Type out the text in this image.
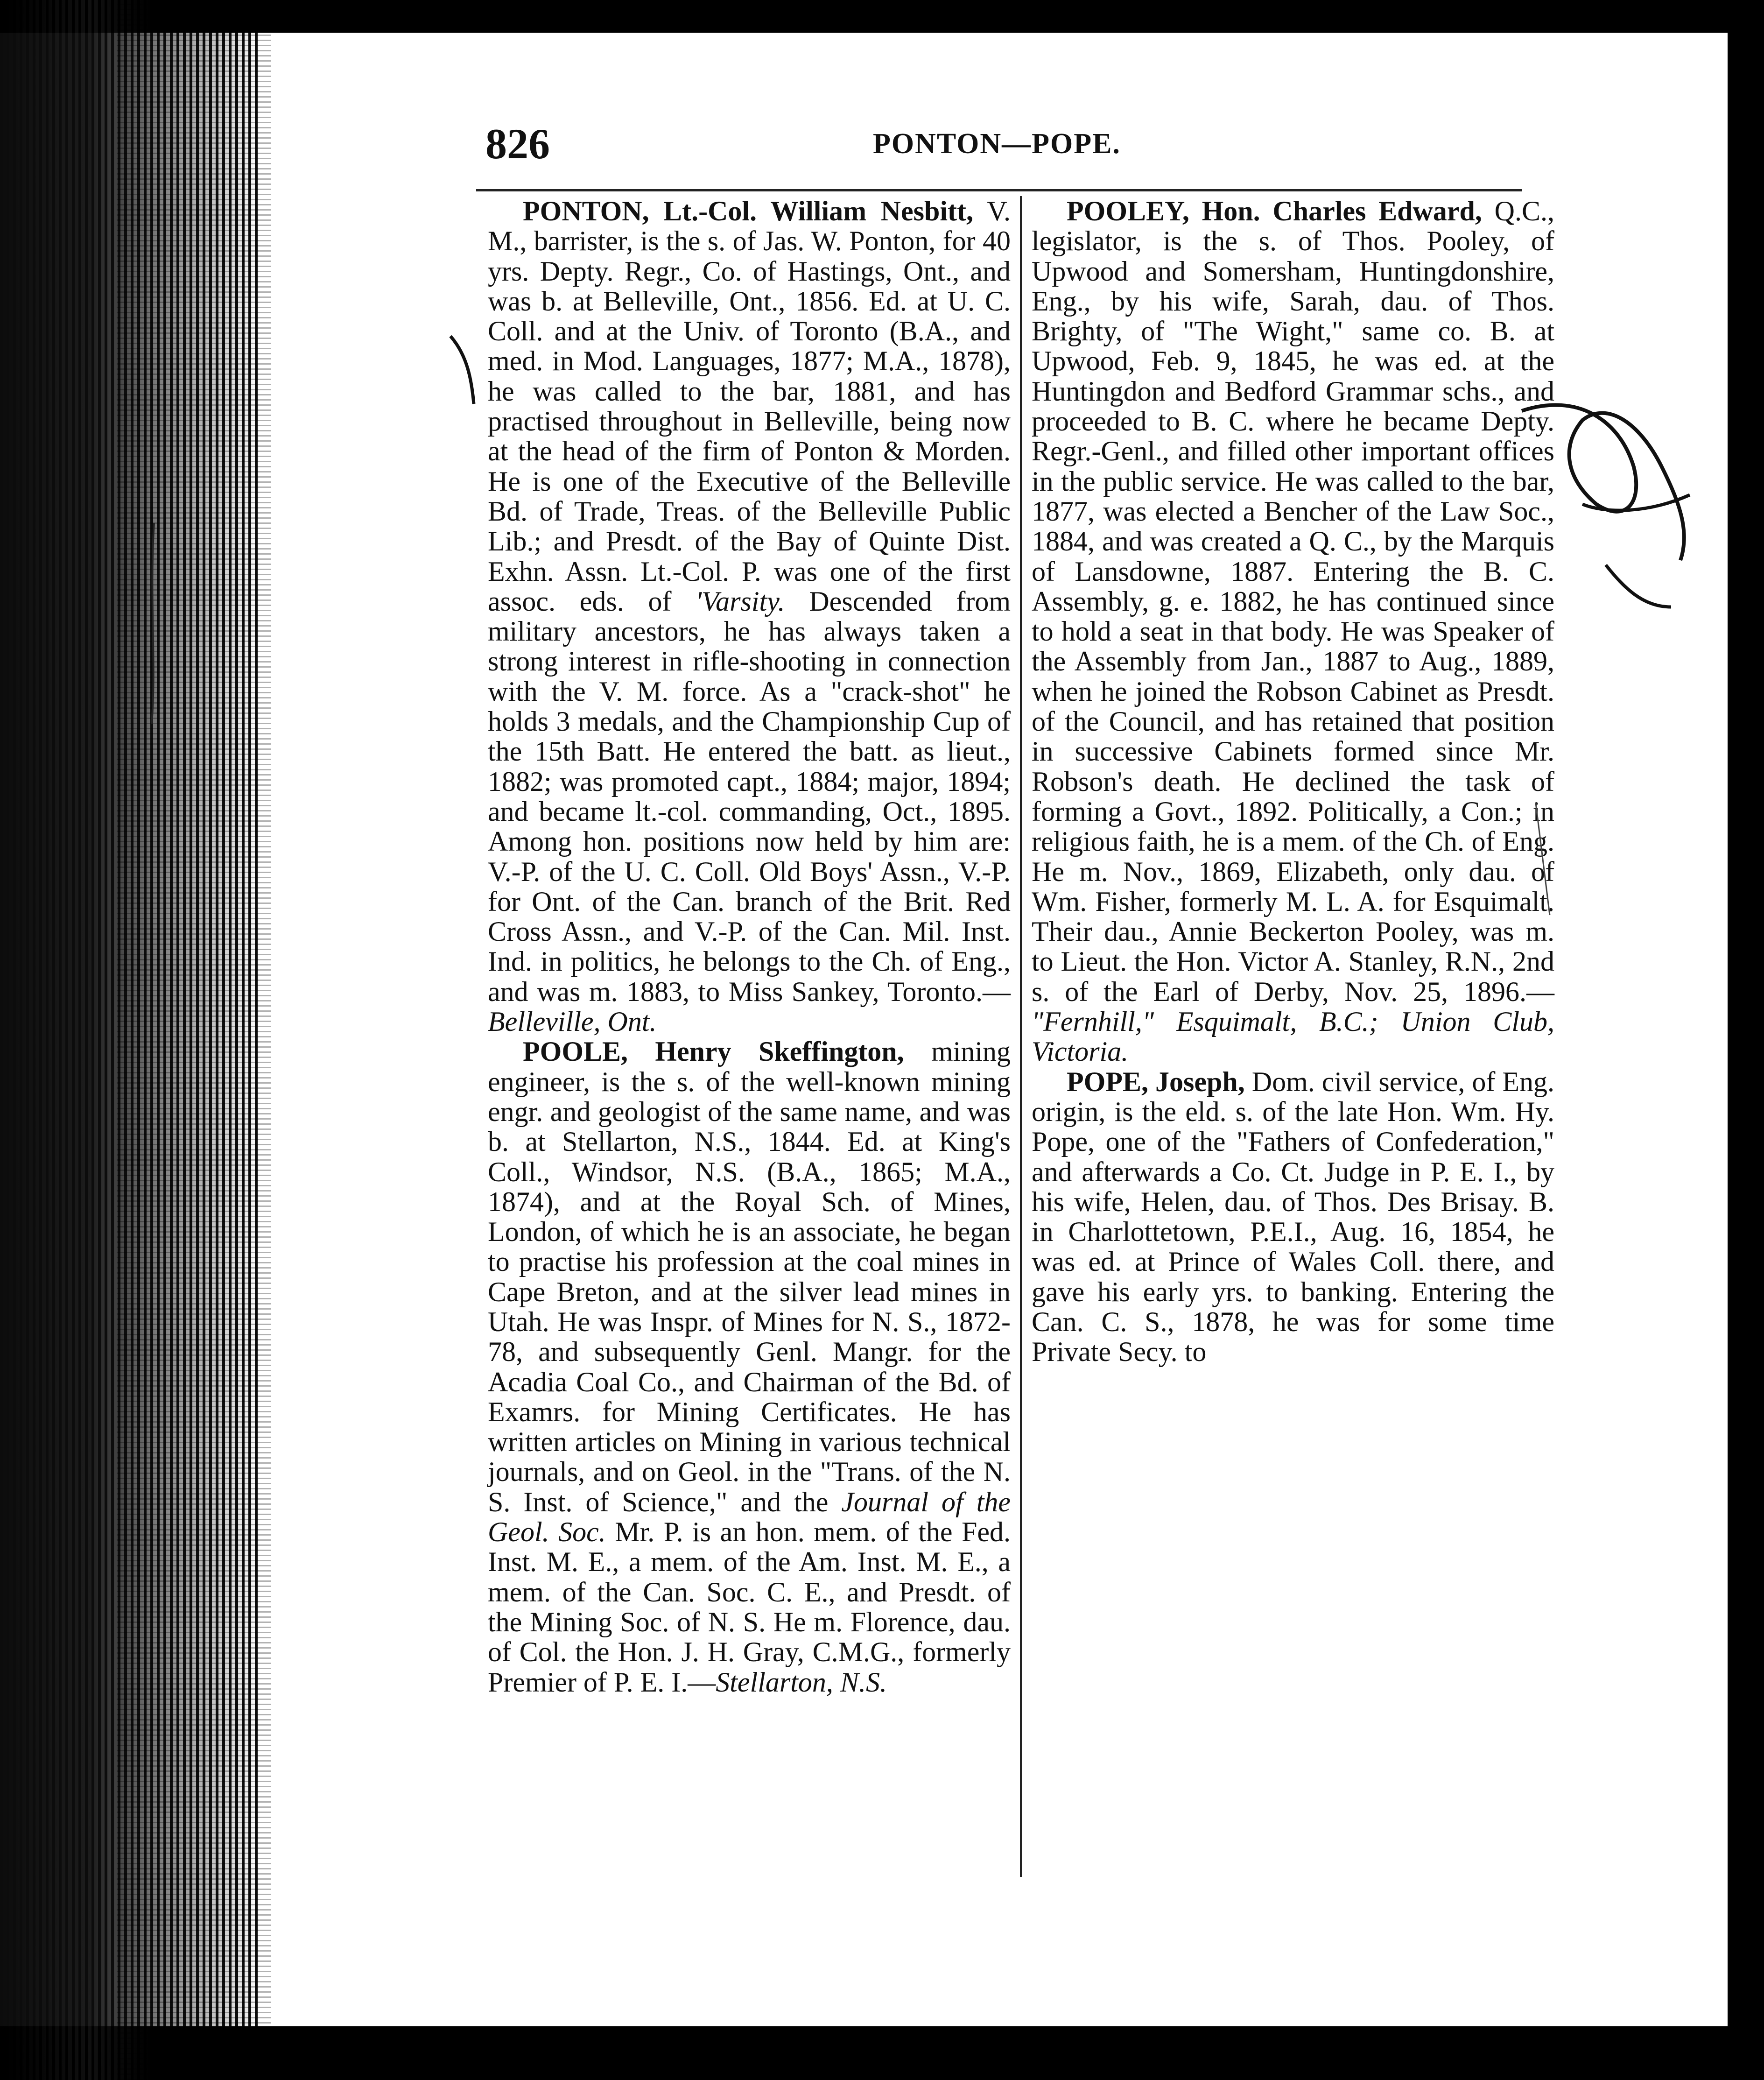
826	PONTON—POPE.

PONTON, Lt.-Col. William Nesbitt, V. M., barrister, is the s. of Jas. W. Ponton, for 40 yrs. Depty. Regr., Co. of Hastings, Ont., and was b. at Belleville, Ont., 1856. Ed. at U. C. Coll. and at the Univ. of Toronto (B.A., and med. in Mod. Languages, 1877; M.A., 1878), he was called to the bar, 1881, and has practised throughout in Belleville, being now at the head of the firm of Ponton & Morden. He is one of the Executive of the Belleville Bd. of Trade, Treas. of the Belleville Public Lib.; and Presdt. of the Bay of Quinte Dist. Exhn. Assn. Lt.-Col. P. was one of the first assoc. eds. of 'Varsity. Descended from military ancestors, he has always taken a strong interest in rifle-shooting in connection with the V. M. force. As a "crack-shot" he holds 3 medals, and the Championship Cup of the 15th Batt. He entered the batt. as lieut., 1882; was promoted capt., 1884; major, 1894; and became lt.-col. commanding, Oct., 1895. Among hon. positions now held by him are: V.-P. of the U. C. Coll. Old Boys' Assn., V.-P. for Ont. of the Can. branch of the Brit. Red Cross Assn., and V.-P. of the Can. Mil. Inst. Ind. in politics, he belongs to the Ch. of Eng., and was m. 1883, to Miss Sankey, Toronto.—Belleville, Ont.

POOLE, Henry Skeffington, mining engineer, is the s. of the well-known mining engr. and geologist of the same name, and was b. at Stellarton, N.S., 1844. Ed. at King's Coll., Windsor, N.S. (B.A., 1865; M.A., 1874), and at the Royal Sch. of Mines, London, of which he is an associate, he began to practise his profession at the coal mines in Cape Breton, and at the silver lead mines in Utah. He was Inspr. of Mines for N. S., 1872-78, and subsequently Genl. Mangr. for the Acadia Coal Co., and Chairman of the Bd. of Examrs. for Mining Certificates. He has written articles on Mining in various technical journals, and on Geol. in the "Trans. of the N. S. Inst. of Science," and the Journal of the Geol. Soc. Mr. P. is an hon. mem. of the Fed. Inst. M. E., a mem. of the Am. Inst. M. E., a mem. of the Can. Soc. C. E., and Presdt. of the Mining Soc. of N. S. He m. Florence, dau. of Col. the Hon. J. H. Gray, C.M.G., formerly Premier of P. E. I.—Stellarton, N.S.

POOLEY, Hon. Charles Edward, Q.C., legislator, is the s. of Thos. Pooley, of Upwood and Somersham, Huntingdonshire, Eng., by his wife, Sarah, dau. of Thos. Brighty, of "The Wight," same co. B. at Upwood, Feb. 9, 1845, he was ed. at the Huntingdon and Bedford Grammar schs., and proceeded to B. C. where he became Depty. Regr.-Genl., and filled other important offices in the public service. He was called to the bar, 1877, was elected a Bencher of the Law Soc., 1884, and was created a Q. C., by the Marquis of Lansdowne, 1887. Entering the B. C. Assembly, g. e. 1882, he has continued since to hold a seat in that body. He was Speaker of the Assembly from Jan., 1887 to Aug., 1889, when he joined the Robson Cabinet as Presdt. of the Council, and has retained that position in successive Cabinets formed since Mr. Robson's death. He declined the task of forming a Govt., 1892. Politically, a Con.; in religious faith, he is a mem. of the Ch. of Eng. He m. Nov., 1869, Elizabeth, only dau. of Wm. Fisher, formerly M. L. A. for Esquimalt. Their dau., Annie Beckerton Pooley, was m. to Lieut. the Hon. Victor A. Stanley, R.N., 2nd s. of the Earl of Derby, Nov. 25, 1896.— "Fernhill," Esquimalt, B.C.; Union Club, Victoria.

POPE, Joseph, Dom. civil service, of Eng. origin, is the eld. s. of the late Hon. Wm. Hy. Pope, one of the "Fathers of Confederation," and afterwards a Co. Ct. Judge in P. E. I., by his wife, Helen, dau. of Thos. Des Brisay. B. in Charlottetown, P.E.I., Aug. 16, 1854, he was ed. at Prince of Wales Coll. there, and gave his early yrs. to banking. Entering the Can. C. S., 1878, he was for some time Private Secy. to
